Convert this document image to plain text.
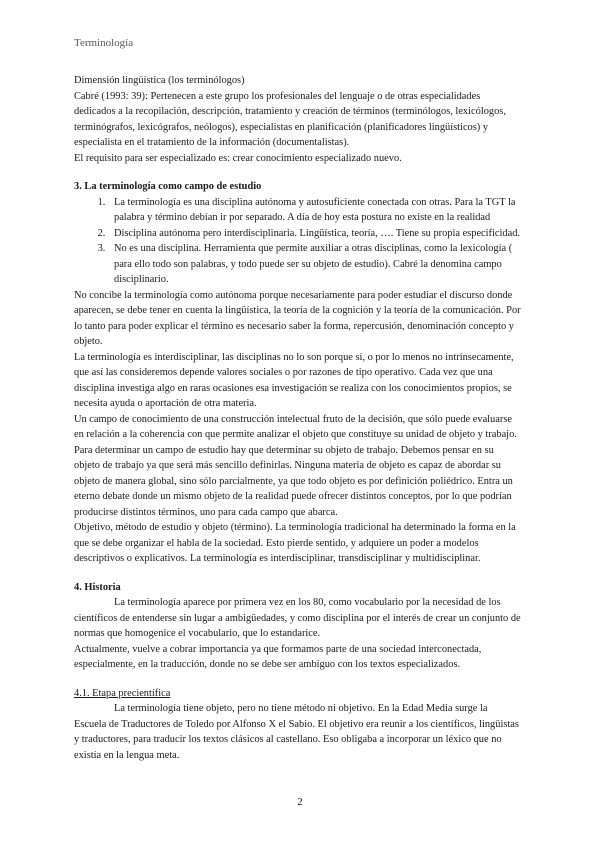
Terminología

Dimensión lingüística (los terminólogos)

Cabré (1993: 39): Pertenecen a este grupo los profesionales del lenguaje o de otras especialidades dedicados a la recopilación, descripción, tratamiento y creación de términos (terminólogos, lexicólogos, terminógrafos, lexicógrafos, neólogos), especialistas en planificación (planificadores lingüísticos) y especialista en el tratamiento de la información (documentalistas).

El requisito para ser especializado es: crear conocimiento especializado nuevo.

3. La terminología como campo de estudio

1. La terminología es una disciplina autónoma y autosuficiente conectada con otras. Para la TGT la palabra y término debían ir por separado. A día de hoy esta postura no existe en la realidad
2. Disciplina autónoma pero interdisciplinaria. Lingüística, teoría, …. Tiene su propia especificidad.
3. No es una disciplina. Herramienta que permite auxiliar a otras disciplinas, como la lexicología ( para ello todo son palabras, y todo puede ser su objeto de estudio). Cabré la denomina campo disciplinario.

No concibe la terminología como autónoma porque necesariamente para poder estudiar el discurso donde aparecen, se debe tener en cuenta la lingüística, la teoría de la cognición y la teoría de la comunicación. Por lo tanto para poder explicar el término es necesario saber la forma, repercusión, denominación concepto y objeto.

La terminología es interdisciplinar, las disciplinas no lo son porque sí, o por lo menos no intrínsecamente, que así las consideremos depende valores sociales o por razones de tipo operativo. Cada vez que una disciplina investiga algo en raras ocasiones esa investigación se realiza con los conocimientos propios, se necesita ayuda o aportación de otra materia.

Un campo de conocimiento de una construcción intelectual fruto de la decisión, que sólo puede evaluarse en relación a la coherencia con que permite analizar el objeto que constituye su unidad de objeto y trabajo. Para determinar un campo de estudio hay que determinar su objeto de trabajo. Debemos pensar en su objeto de trabajo ya que será más sencillo definirlas. Ninguna materia de objeto es capaz de abordar su objeto de manera global, sino sólo parcialmente, ya que todo objeto es por definición poliédrico. Entra un eterno debate donde un mismo objeto de la realidad puede ofrecer distintos conceptos, por lo que podrían producirse distintos términos, uno para cada campo que abarca.

Objetivo, método de estudio y objeto (término). La terminología tradicional ha determinado la forma en la que se debe organizar el habla de la sociedad. Esto pierde sentido, y adquiere un poder a modelos descriptivos o explicativos. La terminología es interdisciplinar, transdisciplinar y multidisciplinar.

4. Historia

La terminología aparece por primera vez en los 80, como vocabulario por la necesidad de los científicos de entenderse sin lugar a ambigüedades, y como disciplina por el interés de crear un conjunto de normas que homogenice el vocabulario, que lo estandarice.

Actualmente, vuelve a cobrar importancia ya que formamos parte de una sociedad interconectada, especialmente, en la traducción, donde no se debe ser ambiguo con los textos especializados.

4.1. Etapa precientífica

La terminología tiene objeto, pero no tiene método ni objetivo. En la Edad Media surge la Escuela de Traductores de Toledo por Alfonso X el Sabio. El objetivo era reunir a los científicos, lingüistas y traductores, para traducir los textos clásicos al castellano. Eso obligaba a incorporar un léxico que no existía en la lengua meta.

2
